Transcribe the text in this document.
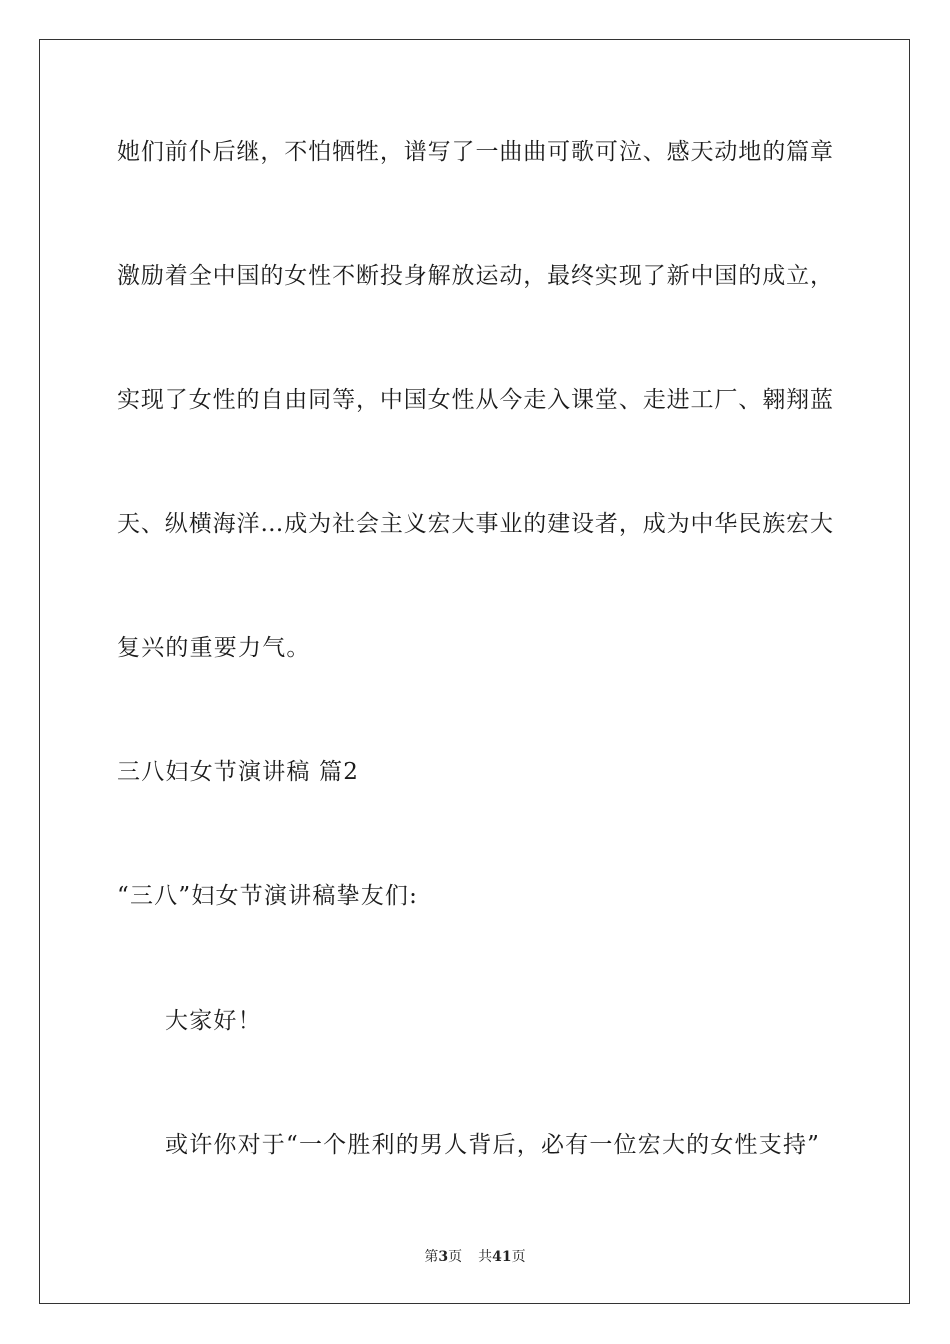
她们前仆后继，不怕牺牲，谱写了一曲曲可歌可泣、感天动地的篇章
激励着全中国的女性不断投身解放运动，最终实现了新中国的成立，
实现了女性的自由同等，中国女性从今走入课堂、走进工厂、翱翔蓝
天、纵横海洋…成为社会主义宏大事业的建设者，成为中华民族宏大
复兴的重要力气。
三八妇女节演讲稿 篇2
“三八”妇女节演讲稿挚友们:
大家好！
或许你对于“一个胜利的男人背后，必有一位宏大的女性支持”
第3页 共41页
